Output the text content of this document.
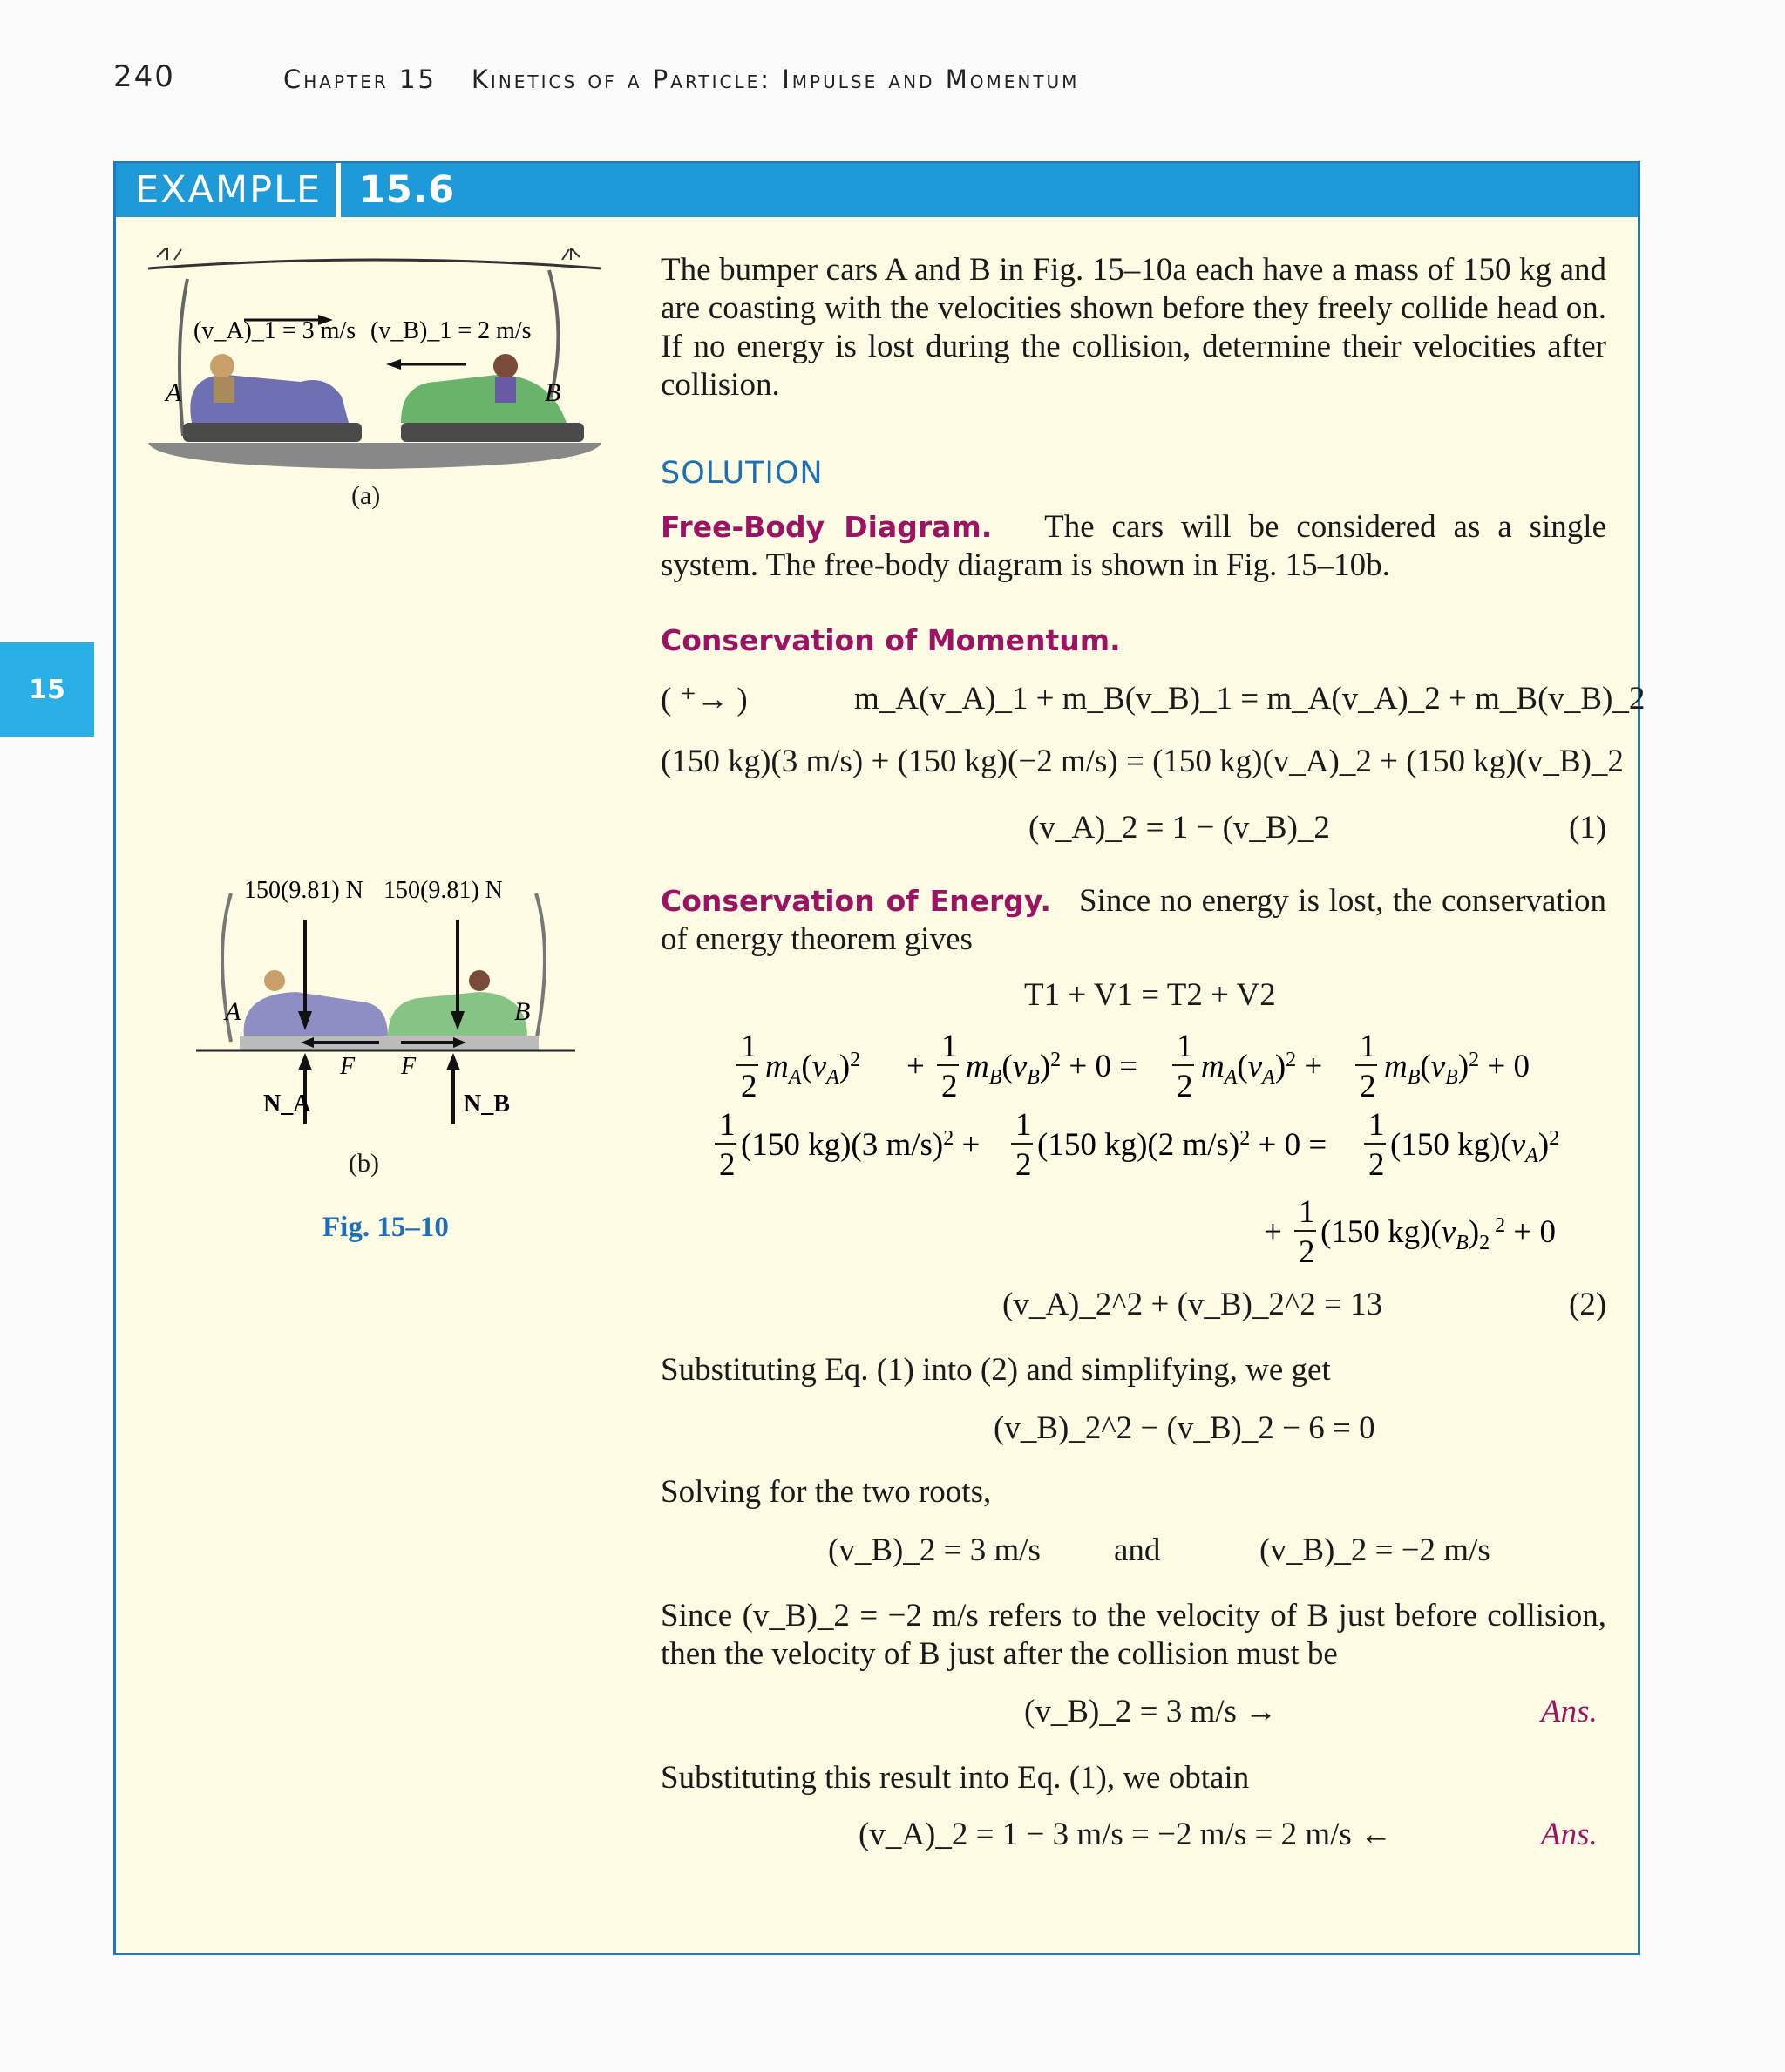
240	Chapter 15 Kinetics of a Particle: Impulse and Momentum
15
EXAMPLE 15.6
(v_A)_1 = 3 m/s (v_B)_1 = 2 m/s
A	B
(a)
150(9.81) N 150(9.81) N
A	B
F F
N_A	N_B
(b)
Fig. 15–10
The bumper cars A and B in Fig. 15–10a each have a mass of 150 kg and are coasting with the velocities shown before they freely collide head on. If no energy is lost during the collision, determine their velocities after collision.
SOLUTION
Free-Body Diagram. The cars will be considered as a single system. The free-body diagram is shown in Fig. 15–10b.
Conservation of Momentum.
( ⁺→ )	m_A(v_A)_1 + m_B(v_B)_1 = m_A(v_A)_2 + m_B(v_B)_2
(150 kg)(3 m/s) + (150 kg)(−2 m/s) = (150 kg)(v_A)_2 + (150 kg)(v_B)_2
(v_A)_2 = 1 − (v_B)_2	(1)
Conservation of Energy. Since no energy is lost, the conservation of energy theorem gives
T1 + V1 = T2 + V2
1
2
$m_A(v_A)^2$ +
1
2
$m_B(v_B)^2 + 0$ =
1
2
$m_A(v_A)^2$ +
1
2
$m_B(v_B)^2 + 0$
1
2
(150 kg)(3 m/s)$^2$ +
1
2
(150 kg)(2 m/s)$^2$ + 0 =
1
2
(150 $kg)(v_A)^2$
+
1
2
(150 $kg)(v_B)_2$ $^2$ + 0
(v_A)_2^2 + (v_B)_2^2 = 13	(2)
Substituting Eq. (1) into (2) and simplifying, we get
(v_B)_2^2 − (v_B)_2 − 6 = 0
Solving for the two roots,
(v_B)_2 = 3 m/s and	(v_B)_2 = −2 m/s
Since (v_B)_2 = −2 m/s refers to the velocity of B just before collision, then the velocity of B just after the collision must be
(v_B)_2 = 3 m/s →	Ans.
Substituting this result into Eq. (1), we obtain
(v_A)_2 = 1 − 3 m/s = −2 m/s = 2 m/s ←	Ans.
